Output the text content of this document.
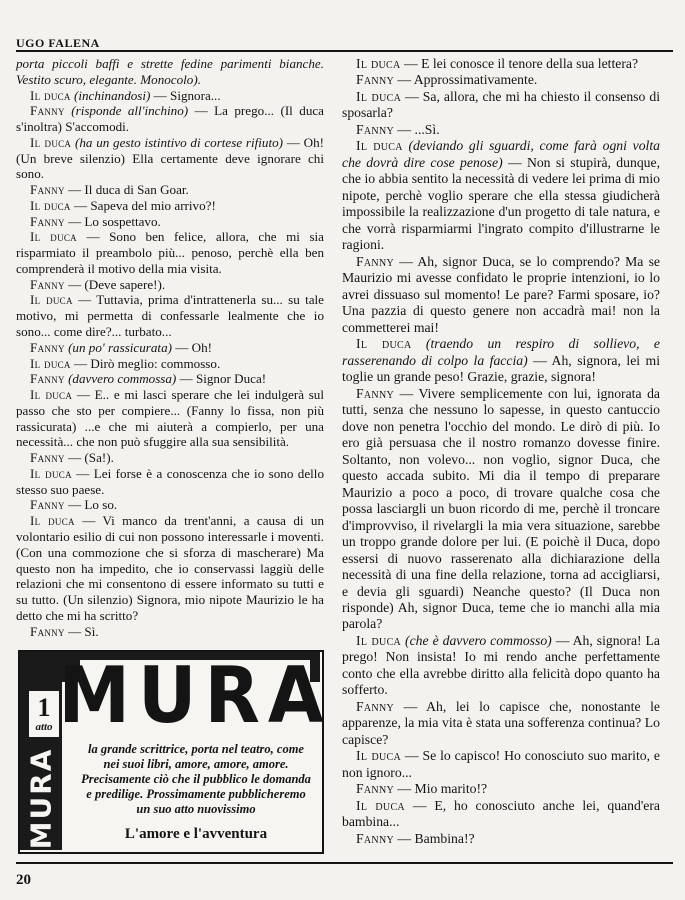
UGO FALENA

porta piccoli baffi e strette fedine parimenti bianche. Vestito scuro, elegante. Monocolo).

Il duca (inchinandosi) — Signora...

Fanny (risponde all'inchino) — La prego... (Il duca s'inoltra) S'accomodi.

Il duca (ha un gesto istintivo di cortese rifiuto) — Oh! (Un breve silenzio) Ella certamente deve ignorare chi sono.

Fanny — Il duca di San Goar.

Il duca — Sapeva del mio arrivo?!

Fanny — Lo sospettavo.

Il duca — Sono ben felice, allora, che mi sia risparmiato il preambolo più... penoso, perchè ella ben comprenderà il motivo della mia visita.

Fanny — (Deve sapere!).

Il duca — Tuttavia, prima d'intrattenerla su... su tale motivo, mi permetta di confessarle lealmente che io sono... come dire?... turbato...

Fanny (un po' rassicurata) — Oh!

Il duca — Dirò meglio: commosso.

Fanny (davvero commossa) — Signor Duca!

Il duca — E.. e mi lasci sperare che lei indulgerà sul passo che sto per compiere... (Fanny lo fissa, non più rassicurata) ...e che mi aiuterà a compierlo, per una necessità... che non può sfuggire alla sua sensibilità.

Fanny — (Sa!).

Il duca — Lei forse è a conoscenza che io sono dello stesso suo paese.

Fanny — Lo so.

Il duca — Vi manco da trent'anni, a causa di un volontario esilio di cui non possono interessarle i moventi. (Con una commozione che si sforza di mascherare) Ma questo non ha impedito, che io conservassi laggiù delle relazioni che mi consentono di essere informato su tutti e su tutto. (Un silenzio) Signora, mio nipote Maurizio le ha detto che mi ha scritto?

Fanny — Sì.

Il duca — E lei conosce il tenore della sua lettera?

Fanny — Approssimativamente.

Il duca — Sa, allora, che mi ha chiesto il consenso di sposarla?

Fanny — ...Sì.

Il duca (deviando gli sguardi, come farà ogni volta che dovrà dire cose penose) — Non si stupirà, dunque, che io abbia sentito la necessità di vedere lei prima di mio nipote, perchè voglio sperare che ella stessa giudicherà impossibile la realizzazione d'un progetto di tale natura, e che vorrà risparmiarmi l'ingrato compito d'illustrarne le ragioni.

Fanny — Ah, signor Duca, se lo comprendo? Ma se Maurizio mi avesse confidato le proprie intenzioni, io lo avrei dissuaso sul momento! Le pare? Farmi sposare, io? Una pazzia di questo genere non accadrà mai! non la commetterei mai!

Il duca (traendo un respiro di sollievo, e rasserenando di colpo la faccia) — Ah, signora, lei mi toglie un grande peso! Grazie, grazie, signora!

Fanny — Vivere semplicemente con lui, ignorata da tutti, senza che nessuno lo sapesse, in questo cantuccio dove non penetra l'occhio del mondo. Le dirò di più. Io ero già persuasa che il nostro romanzo dovesse finire. Soltanto, non volevo... non voglio, signor Duca, che questo accada subito. Mi dia il tempo di preparare Maurizio a poco a poco, di trovare qualche cosa che possa lasciargli un buon ricordo di me, perchè il troncare d'improvviso, il rivelargli la mia vera situazione, sarebbe un troppo grande dolore per lui. (E poichè il Duca, dopo essersi di nuovo rasserenato alla dichiarazione della necessità di una fine della relazione, torna ad accigliarsi, e devia gli sguardi) Neanche questo? (Il Duca non risponde) Ah, signor Duca, teme che io manchi alla mia parola?

Il duca (che è davvero commosso) — Ah, signora! La prego! Non insista! Io mi rendo anche perfettamente conto che ella avrebbe diritto alla felicità dopo quanto ha sofferto.

Fanny — Ah, lei lo capisce che, nonostante le apparenze, la mia vita è stata una sofferenza continua? Lo capisce?

Il duca — Se lo capisco! Ho conosciuto suo marito, e non ignoro...

Fanny — Mio marito!?

Il duca — E, ho conosciuto anche lei, quand'era bambina...

Fanny — Bambina!?

1
atto
MURA
MURA
la grande scrittrice, porta nel teatro, come nei suoi libri, amore, amore, amore. Precisamente ciò che il pubblico le domanda e predilige. Prossimamente pubblicheremo un suo atto nuovissimo
L'amore e l'avventura
20
